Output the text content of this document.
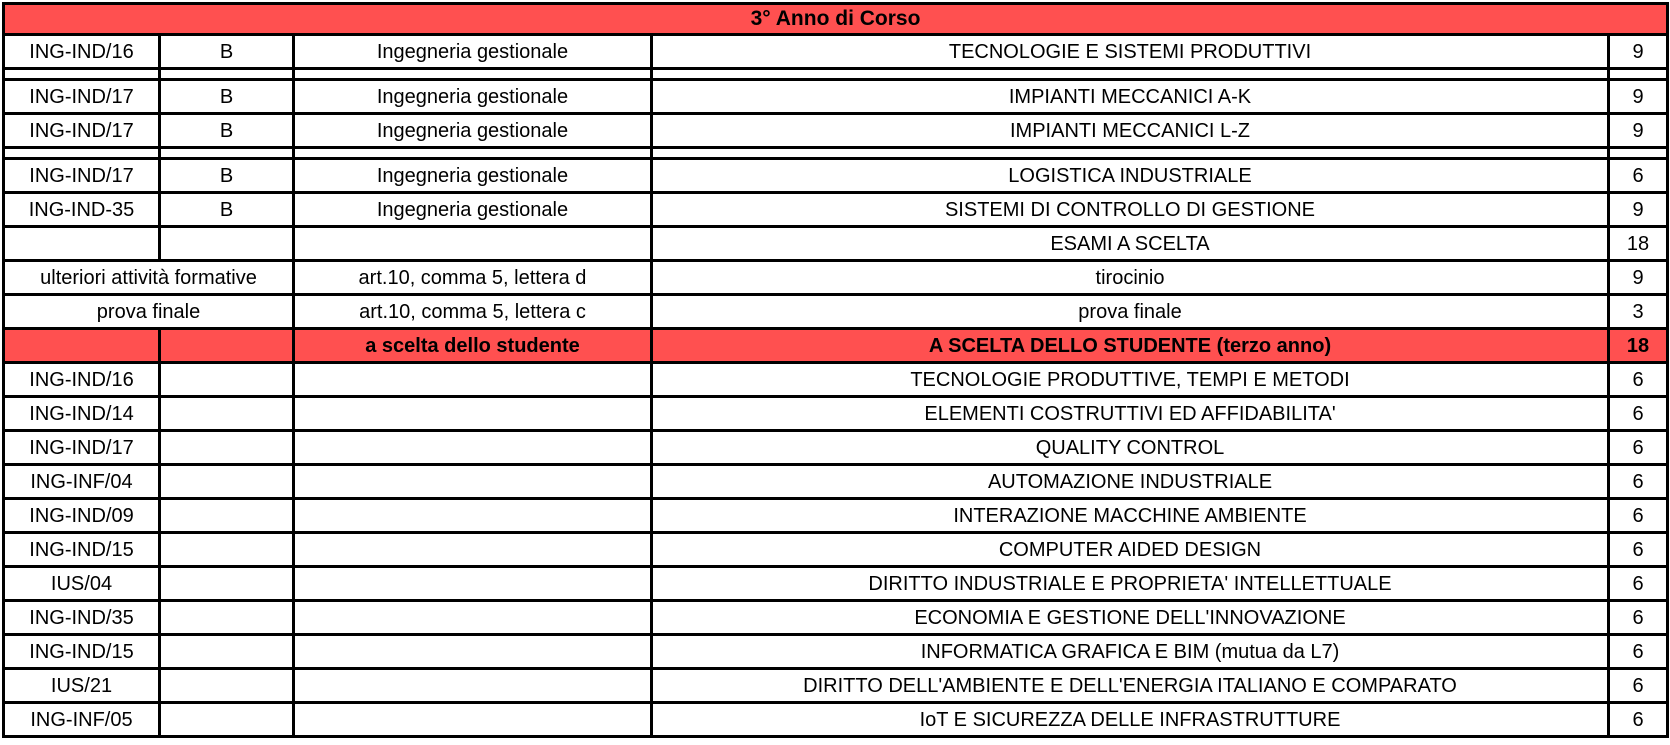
3° Anno di Corso				
ING-IND/16	B	Ingegneria gestionale	TECNOLOGIE E SISTEMI PRODUTTIVI	9

ING-IND/17	B	Ingegneria gestionale	IMPIANTI MECCANICI A-K	9
ING-IND/17	B	Ingegneria gestionale	IMPIANTI MECCANICI L-Z	9

ING-IND/17	B	Ingegneria gestionale	LOGISTICA INDUSTRIALE	6
ING-IND-35	B	Ingegneria gestionale	SISTEMI DI CONTROLLO DI GESTIONE	9
			ESAMI A SCELTA	18
ulteriori attività formative		art.10, comma 5, lettera d	tirocinio	9
prova finale		art.10, comma 5, lettera c	prova finale	3
		a scelta dello studente	A SCELTA DELLO STUDENTE (terzo anno)	18
ING-IND/16			TECNOLOGIE PRODUTTIVE, TEMPI E METODI	6
ING-IND/14			ELEMENTI COSTRUTTIVI ED AFFIDABILITA'	6
ING-IND/17			QUALITY CONTROL	6
ING-INF/04			AUTOMAZIONE INDUSTRIALE	6
ING-IND/09			INTERAZIONE MACCHINE AMBIENTE	6
ING-IND/15			COMPUTER AIDED DESIGN	6
IUS/04			DIRITTO INDUSTRIALE E PROPRIETA' INTELLETTUALE	6
ING-IND/35			ECONOMIA E GESTIONE DELL'INNOVAZIONE	6
ING-IND/15			INFORMATICA GRAFICA E BIM (mutua da L7)	6
IUS/21			DIRITTO DELL'AMBIENTE E DELL'ENERGIA ITALIANO E COMPARATO	6
ING-INF/05			IoT E SICUREZZA DELLE INFRASTRUTTURE	6
